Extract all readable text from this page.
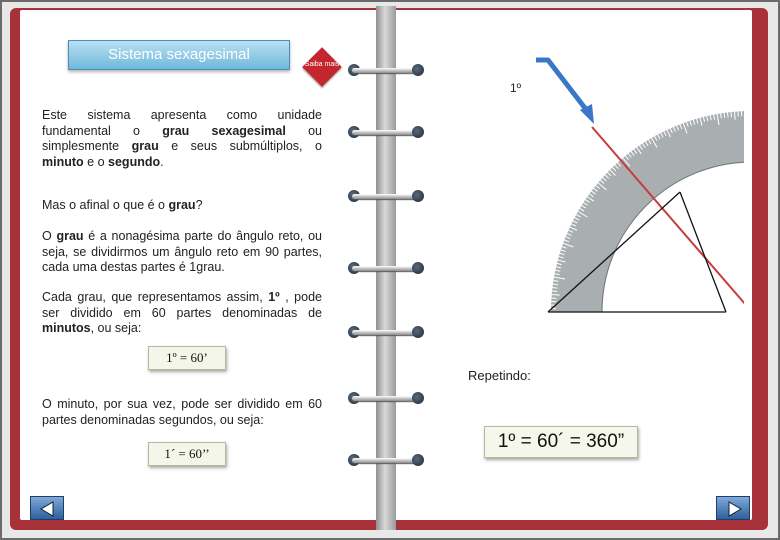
Sistema sexagesimal
Saiba mais

Este sistema apresenta como unidade fundamental o grau sexagesimal ou simplesmente grau e seus submúltiplos, o minuto e o segundo.

Mas o afinal o que é o grau?

O grau é a nonagésima parte do ângulo reto, ou seja, se dividirmos um ângulo reto em 90 partes, cada uma destas partes é 1grau.

Cada grau, que representamos assim, 1º , pode ser dividido em 60 partes denominadas de minutos, ou seja:

1º = 60’

O minuto, por sua vez, pode ser dividido em 60 partes denominadas segundos, ou seja:

1´ = 60’’
1º
Repetindo:
1º = 60´ = 360”
